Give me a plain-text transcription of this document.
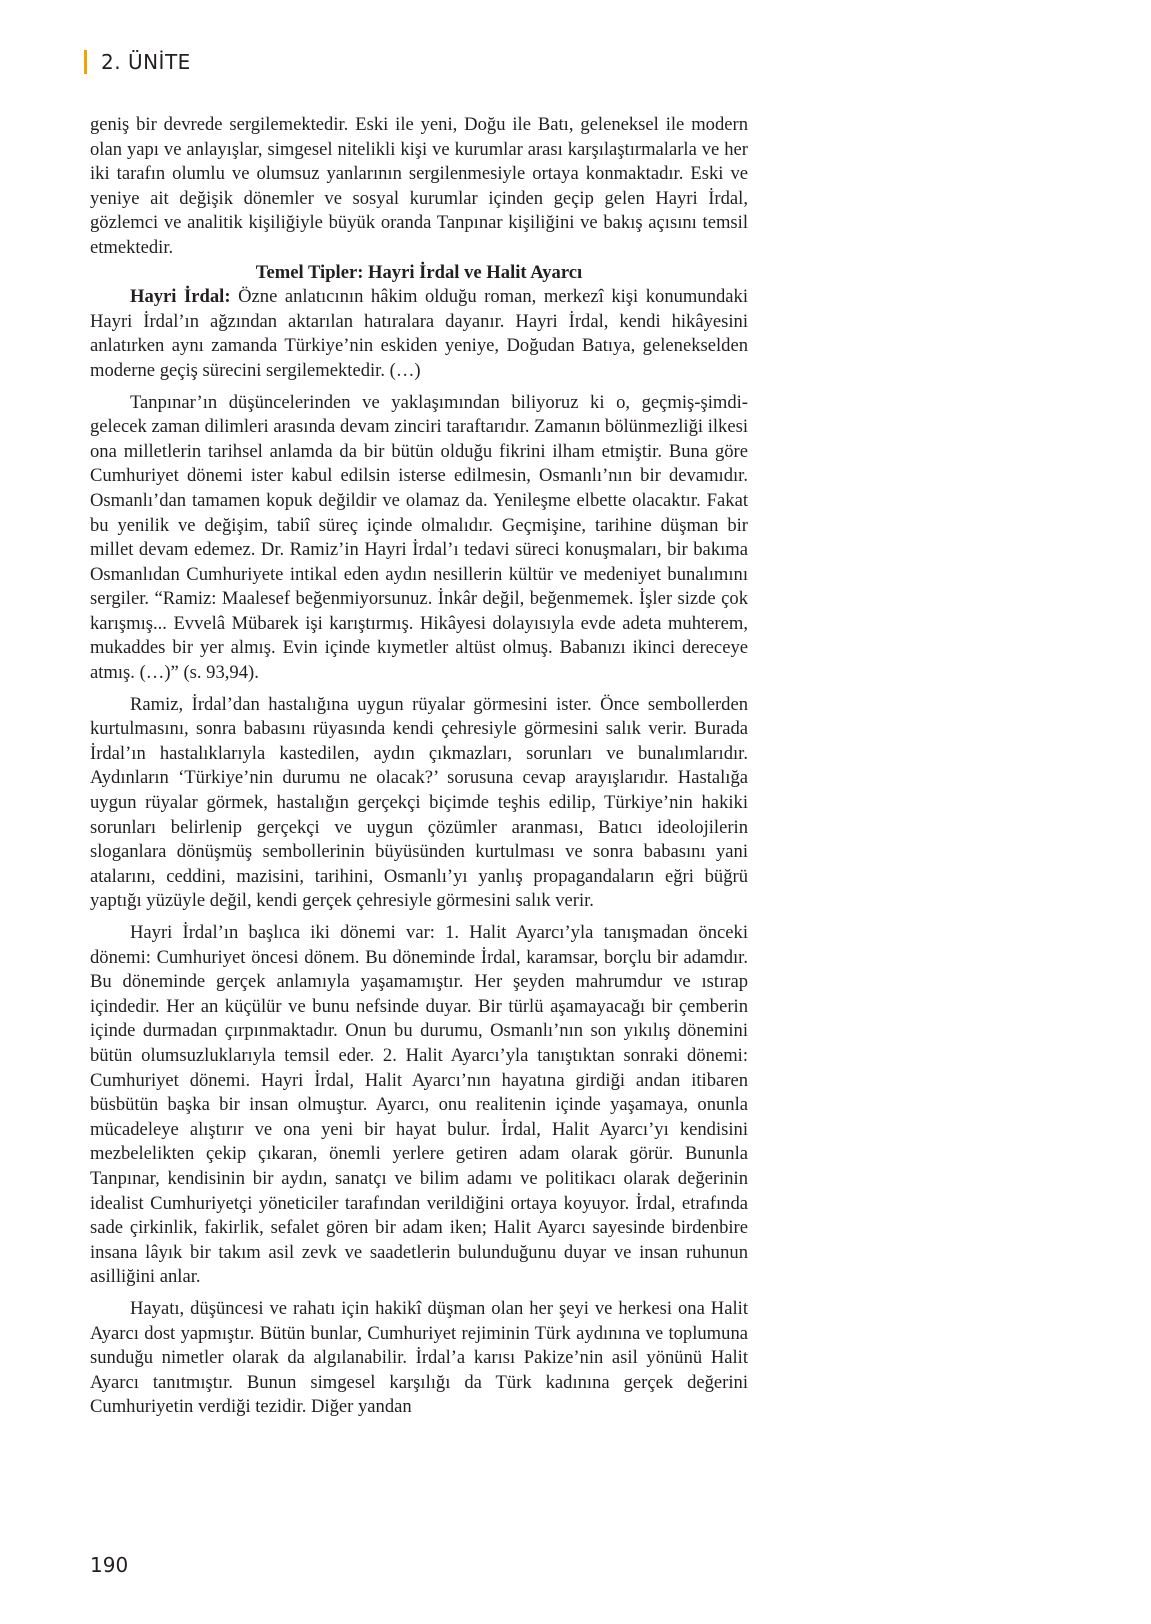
2. ÜNİTE

geniş bir devrede sergilemektedir. Eski ile yeni, Doğu ile Batı, geleneksel ile modern olan yapı ve anlayışlar, simgesel nitelikli kişi ve kurumlar arası karşılaştırmalarla ve her iki tarafın olumlu ve olumsuz yanlarının sergilenmesiyle ortaya konmaktadır. Eski ve yeniye ait değişik dönemler ve sosyal kurumlar içinden geçip gelen Hayri İrdal, gözlemci ve analitik kişiliğiyle büyük oranda Tanpınar kişiliğini ve bakış açısını temsil etmektedir.

Temel Tipler: Hayri İrdal ve Halit Ayarcı

Hayri İrdal: Özne anlatıcının hâkim olduğu roman, merkezî kişi konumundaki Hayri İrdal’ın ağzından aktarılan hatıralara dayanır. Hayri İrdal, kendi hikâyesini anlatırken aynı zamanda Türkiye’nin eskiden yeniye, Doğudan Batıya, gelenekselden moderne geçiş sürecini sergilemektedir. (…)

Tanpınar’ın düşüncelerinden ve yaklaşımından biliyoruz ki o, geçmiş-şimdi-gelecek zaman dilimleri arasında devam zinciri taraftarıdır. Zamanın bölünmezliği ilkesi ona milletlerin tarihsel anlamda da bir bütün olduğu fikrini ilham etmiştir. Buna göre Cumhuriyet dönemi ister kabul edilsin isterse edilmesin, Osmanlı’nın bir devamıdır. Osmanlı’dan tamamen kopuk değildir ve olamaz da. Yenileşme elbette olacaktır. Fakat bu yenilik ve değişim, tabiî süreç içinde olmalıdır. Geçmişine, tarihine düşman bir millet devam edemez. Dr. Ramiz’in Hayri İrdal’ı tedavi süreci konuşmaları, bir bakıma Osmanlıdan Cumhuriyete intikal eden aydın nesillerin kültür ve medeniyet bunalımını sergiler. “Ramiz: Maalesef beğenmiyorsunuz. İnkâr değil, beğenmemek. İşler sizde çok karışmış... Evvelâ Mübarek işi karıştırmış. Hikâyesi dolayısıyla evde adeta muhterem, mukaddes bir yer almış. Evin içinde kıymetler altüst olmuş. Babanızı ikinci dereceye atmış. (…)” (s. 93,94).

Ramiz, İrdal’dan hastalığına uygun rüyalar görmesini ister. Önce sembollerden kurtulmasını, sonra babasını rüyasında kendi çehresiyle görmesini salık verir. Burada İrdal’ın hastalıklarıyla kastedilen, aydın çıkmazları, sorunları ve bunalımlarıdır. Aydınların ‘Türkiye’nin durumu ne olacak?’ sorusuna cevap arayışlarıdır. Hastalığa uygun rüyalar görmek, hastalığın gerçekçi biçimde teşhis edilip, Türkiye’nin hakiki sorunları belirlenip gerçekçi ve uygun çözümler aranması, Batıcı ideolojilerin sloganlara dönüşmüş sembollerinin büyüsünden kurtulması ve sonra babasını yani atalarını, ceddini, mazisini, tarihini, Osmanlı’yı yanlış propagandaların eğri büğrü yaptığı yüzüyle değil, kendi gerçek çehresiyle görmesini salık verir.

Hayri İrdal’ın başlıca iki dönemi var: 1. Halit Ayarcı’yla tanışmadan önceki dönemi: Cumhuriyet öncesi dönem. Bu döneminde İrdal, karamsar, borçlu bir adamdır. Bu döneminde gerçek anlamıyla yaşamamıştır. Her şeyden mahrumdur ve ıstırap içindedir. Her an küçülür ve bunu nefsinde duyar. Bir türlü aşamayacağı bir çemberin içinde durmadan çırpınmaktadır. Onun bu durumu, Osmanlı’nın son yıkılış dönemini bütün olumsuzluklarıyla temsil eder. 2. Halit Ayarcı’yla tanıştıktan sonraki dönemi: Cumhuriyet dönemi. Hayri İrdal, Halit Ayarcı’nın hayatına girdiği andan itibaren büsbütün başka bir insan olmuştur. Ayarcı, onu realitenin içinde yaşamaya, onunla mücadeleye alıştırır ve ona yeni bir hayat bulur. İrdal, Halit Ayarcı’yı kendisini mezbelelikten çekip çıkaran, önemli yerlere getiren adam olarak görür. Bununla Tanpınar, kendisinin bir aydın, sanatçı ve bilim adamı ve politikacı olarak değerinin idealist Cumhuriyetçi yöneticiler tarafından verildiğini ortaya koyuyor. İrdal, etrafında sade çirkinlik, fakirlik, sefalet gören bir adam iken; Halit Ayarcı sayesinde birdenbire insana lâyık bir takım asil zevk ve saadetlerin bulunduğunu duyar ve insan ruhunun asilliğini anlar.

Hayatı, düşüncesi ve rahatı için hakikî düşman olan her şeyi ve herkesi ona Halit Ayarcı dost yapmıştır. Bütün bunlar, Cumhuriyet rejiminin Türk aydınına ve toplumuna sunduğu nimetler olarak da algılanabilir. İrdal’a karısı Pakize’nin asil yönünü Halit Ayarcı tanıtmıştır. Bunun simgesel karşılığı da Türk kadınına gerçek değerini Cumhuriyetin verdiği tezidir. Diğer yandan

190
